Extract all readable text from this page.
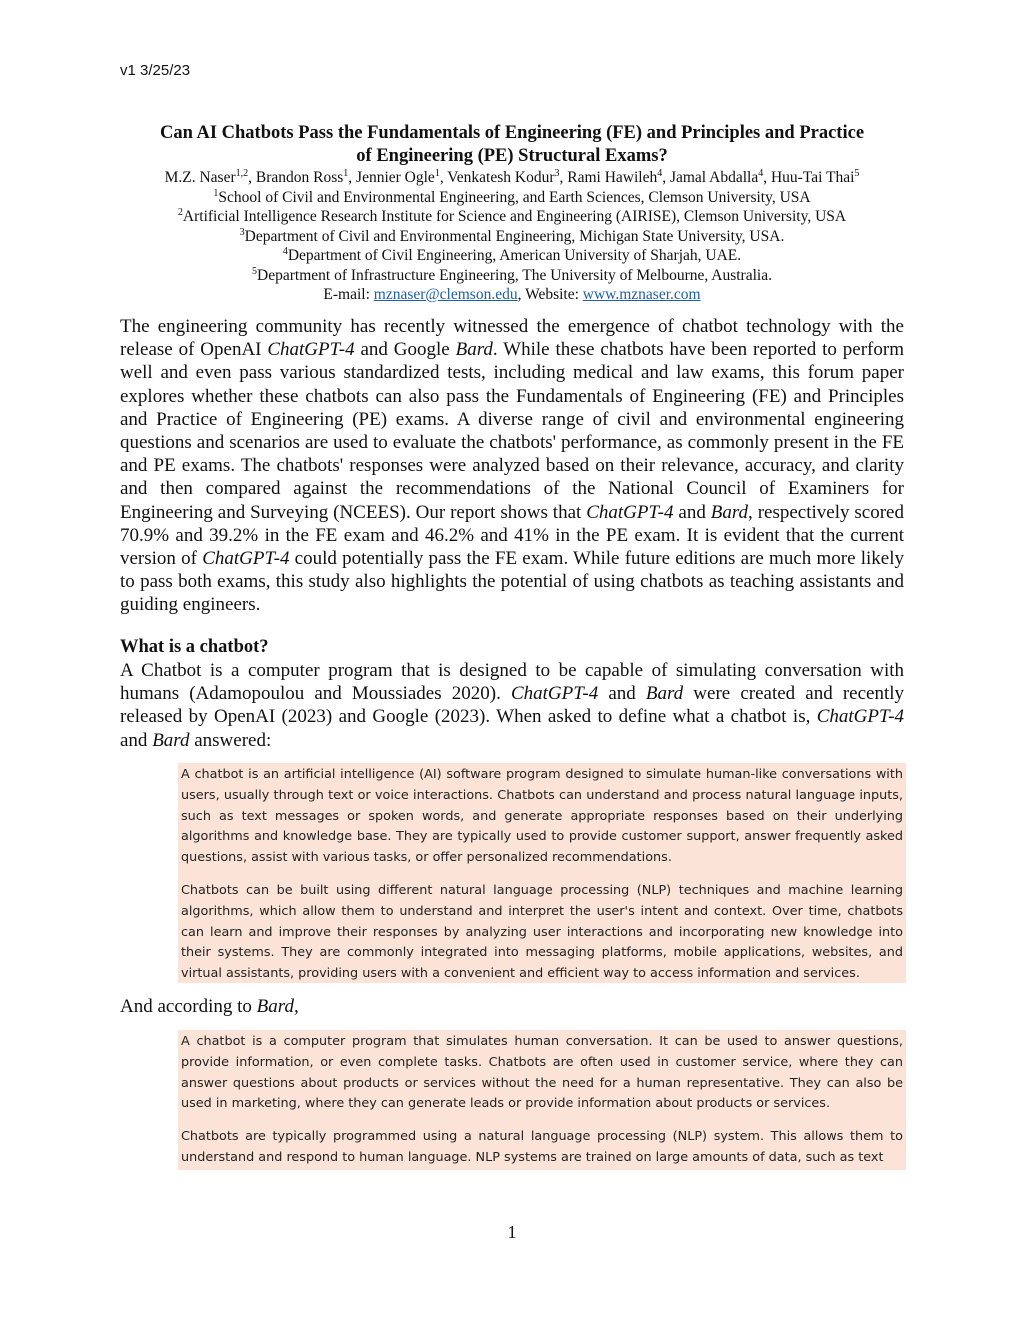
v1 3/25/23

Can AI Chatbots Pass the Fundamentals of Engineering (FE) and Principles and Practice
of Engineering (PE) Structural Exams?

M.Z. Naser$^{1,2}$, Brandon Ross$^1$, Jennier Ogle$^1$, Venkatesh Kodur$^3$, Rami Hawileh$^4$, Jamal Abdalla$^4$, Huu-Tai Thai$^5$

$^1$School of Civil and Environmental Engineering, and Earth Sciences, Clemson University, USA

$^2$Artificial Intelligence Research Institute for Science and Engineering (AIRISE), Clemson University, USA

$^3$Department of Civil and Environmental Engineering, Michigan State University, USA.

$^4$Department of Civil Engineering, American University of Sharjah, UAE.

$^5$Department of Infrastructure Engineering, The University of Melbourne, Australia.

E-mail: mznaser@clemson.edu, Website: www.mznaser.com

The engineering community has recently witnessed the emergence of chatbot technology with the release of OpenAI ChatGPT-4 and Google Bard. While these chatbots have been reported to perform well and even pass various standardized tests, including medical and law exams, this forum paper explores whether these chatbots can also pass the Fundamentals of Engineering (FE) and Principles and Practice of Engineering (PE) exams. A diverse range of civil and environmental engineering questions and scenarios are used to evaluate the chatbots' performance, as commonly present in the FE and PE exams. The chatbots' responses were analyzed based on their relevance, accuracy, and clarity and then compared against the recommendations of the National Council of Examiners for Engineering and Surveying (NCEES). Our report shows that ChatGPT-4 and Bard, respectively scored 70.9% and 39.2% in the FE exam and 46.2% and 41% in the PE exam. It is evident that the current version of ChatGPT-4 could potentially pass the FE exam. While future editions are much more likely to pass both exams, this study also highlights the potential of using chatbots as teaching assistants and guiding engineers.

What is a chatbot?

A Chatbot is a computer program that is designed to be capable of simulating conversation with humans (Adamopoulou and Moussiades 2020). ChatGPT-4 and Bard were created and recently released by OpenAI (2023) and Google (2023). When asked to define what a chatbot is, ChatGPT-4 and Bard answered:

A chatbot is an artificial intelligence (AI) software program designed to simulate human-like conversations with users, usually through text or voice interactions. Chatbots can understand and process natural language inputs, such as text messages or spoken words, and generate appropriate responses based on their underlying algorithms and knowledge base. They are typically used to provide customer support, answer frequently asked questions, assist with various tasks, or offer personalized recommendations.

Chatbots can be built using different natural language processing (NLP) techniques and machine learning algorithms, which allow them to understand and interpret the user's intent and context. Over time, chatbots can learn and improve their responses by analyzing user interactions and incorporating new knowledge into their systems. They are commonly integrated into messaging platforms, mobile applications, websites, and virtual assistants, providing users with a convenient and efficient way to access information and services.

And according to Bard,

A chatbot is a computer program that simulates human conversation. It can be used to answer questions, provide information, or even complete tasks. Chatbots are often used in customer service, where they can answer questions about products or services without the need for a human representative. They can also be used in marketing, where they can generate leads or provide information about products or services.

Chatbots are typically programmed using a natural language processing (NLP) system. This allows them to understand and respond to human language. NLP systems are trained on large amounts of data, such as text

1
